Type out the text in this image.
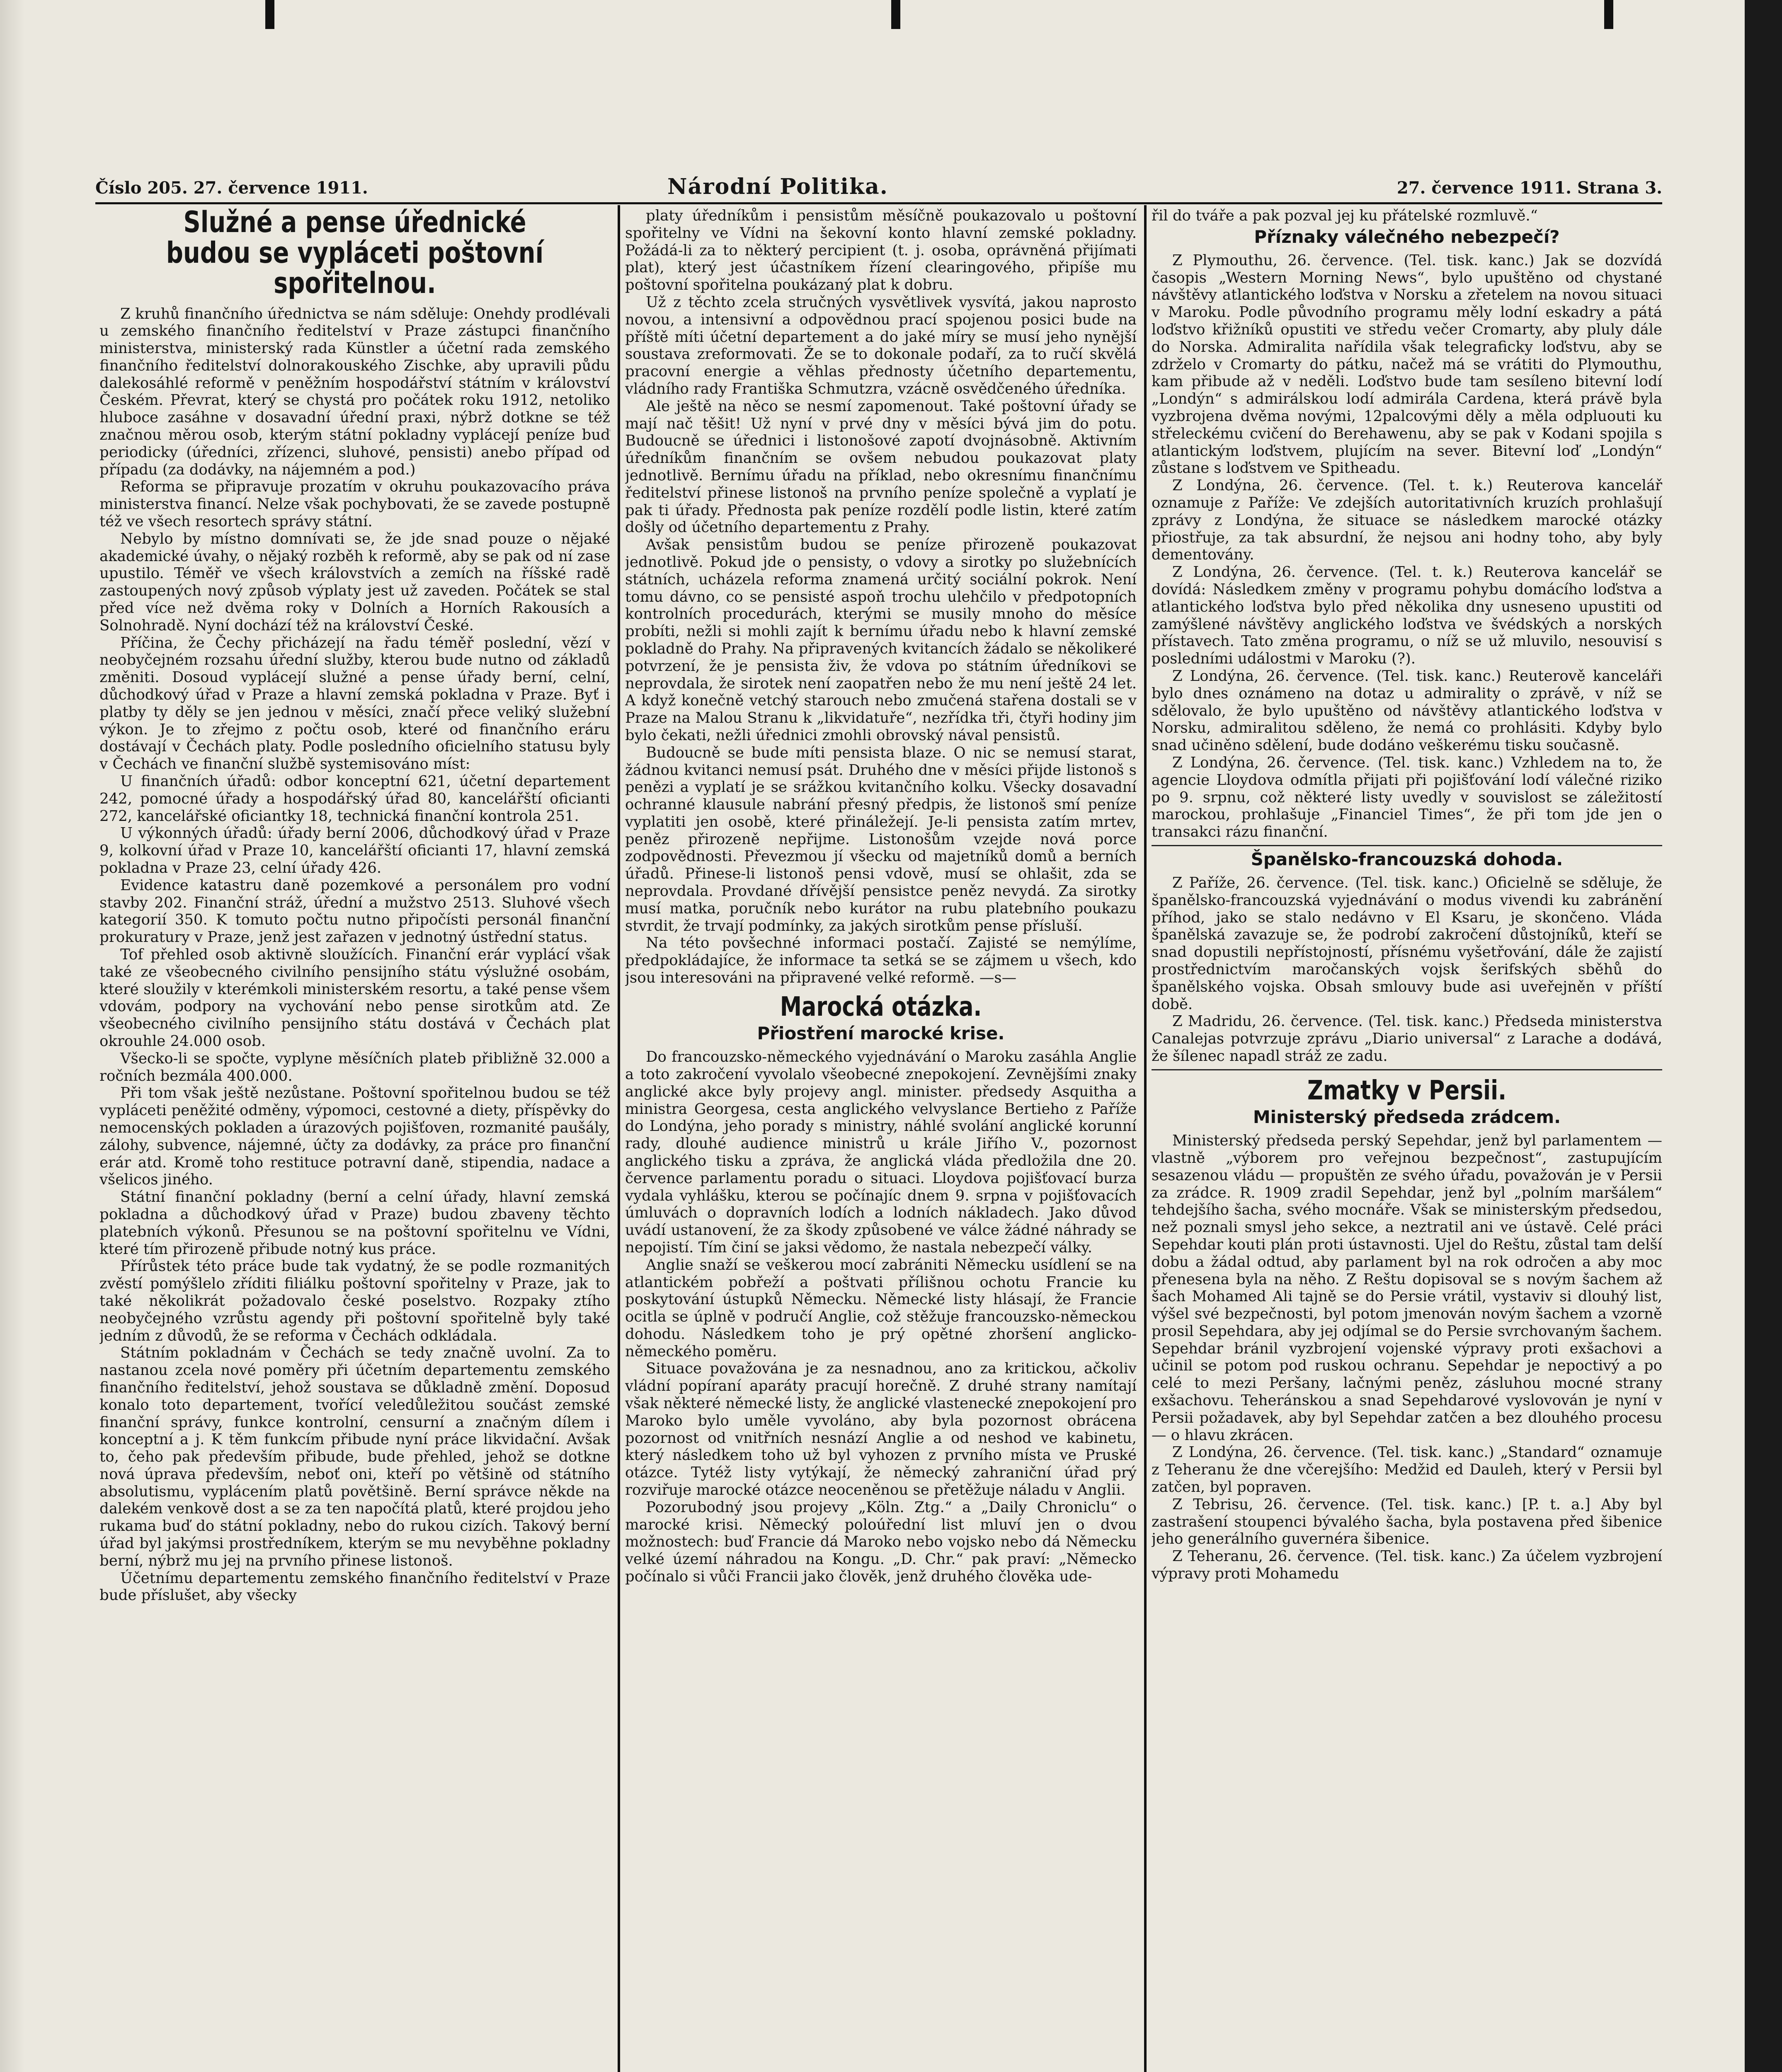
Číslo 205. 27. července 1911.	Národní Politika.	27. července 1911. Strana 3.
Služné a pense úřednické budou se vypláceti poštovní spořitelnou.

Z kruhů finančního úřednictva se nám sděluje: Onehdy prodlévali u zemského finančního ředitelství v Praze zástupci finančního ministerstva, ministerský rada Künstler a účetní rada zemského finančního ředitelství dolnorakouského Zischke, aby upravili půdu dalekosáhlé reformě v peněžním hospodářství státním v království Českém. Převrat, který se chystá pro počátek roku 1912, netoliko hluboce zasáhne v dosavadní úřední praxi, nýbrž dotkne se též značnou měrou osob, kterým státní pokladny vyplácejí peníze buď periodicky (úředníci, zřízenci, sluhové, pensisti) anebo případ od případu (za dodávky, na nájemném a pod.)

Reforma se připravuje prozatím v okruhu poukazovacího práva ministerstva financí. Nelze však pochybovati, že se zavede postupně též ve všech resortech správy státní.

Nebylo by místno domnívati se, že jde snad pouze o nějaké akademické úvahy, o nějaký rozběh k reformě, aby se pak od ní zase upustilo. Téměř ve všech královstvích a zemích na říšské radě zastoupených nový způsob výplaty jest už zaveden. Počátek se stal před více než dvěma roky v Dolních a Horních Rakousích a Solnohradě. Nyní dochází též na království České.

Příčina, že Čechy přicházejí na řadu téměř poslední, vězí v neobyčejném rozsahu úřední služby, kterou bude nutno od základů změniti. Dosoud vyplácejí služné a pense úřady berní, celní, důchodkový úřad v Praze a hlavní zemská pokladna v Praze. Byť i platby ty děly se jen jednou v měsíci, značí přece veliký služební výkon. Je to zřejmo z počtu osob, které od finančního eráru dostávají v Čechách platy. Podle posledního oficielního statusu byly v Čechách ve finanční službě systemisováno míst:

U finančních úřadů: odbor konceptní 621, účetní departement 242, pomocné úřady a hospodářský úřad 80, kancelářští oficianti 272, kancelářské oficiantky 18, technická finanční kontrola 251.

U výkonných úřadů: úřady berní 2006, důchodkový úřad v Praze 9, kolkovní úřad v Praze 10, kancelářští oficianti 17, hlavní zemská pokladna v Praze 23, celní úřady 426.

Evidence katastru daně pozemkové a personálem pro vodní stavby 202. Finanční stráž, úřední a mužstvo 2513. Sluhové všech kategorií 350. K tomuto počtu nutno připočísti personál finanční prokuratury v Praze, jenž jest zařazen v jednotný ústřední status.

Tof přehled osob aktivně sloužících. Finanční erár vyplácí však také ze všeobecného civilního pensijního státu výslužné osobám, které sloužily v kterémkoli ministerském resortu, a také pense všem vdovám, podpory na vychování nebo pense sirotkům atd. Ze všeobecného civilního pensijního státu dostává v Čechách plat okrouhle 24.000 osob.

Všecko-li se spočte, vyplyne měsíčních plateb přibližně 32.000 a ročních bezmála 400.000.

Při tom však ještě nezůstane. Poštovní spořitelnou budou se též vypláceti peněžité odměny, výpomoci, cestovné a diety, příspěvky do nemocenských pokladen a úrazových pojišťoven, rozmanité paušály, zálohy, subvence, nájemné, účty za dodávky, za práce pro finanční erár atd. Kromě toho restituce potravní daně, stipendia, nadace a všelicos jiného.

Státní finanční pokladny (berní a celní úřady, hlavní zemská pokladna a důchodkový úřad v Praze) budou zbaveny těchto platebních výkonů. Přesunou se na poštovní spořitelnu ve Vídni, které tím přirozeně přibude notný kus práce.

Přírůstek této práce bude tak vydatný, že se podle rozmanitých zvěstí pomýšlelo zříditi filiálku poštovní spořitelny v Praze, jak to také několikrát požadovalo české poselstvo. Rozpaky ztího neobyčejného vzrůstu agendy při poštovní spořitelně byly také jedním z důvodů, že se reforma v Čechách odkládala.

Státním pokladnám v Čechách se tedy značně uvolní. Za to nastanou zcela nové poměry při účetním departementu zemského finančního ředitelství, jehož soustava se důkladně změní. Doposud konalo toto departement, tvořící veledůležitou součást zemské finanční správy, funkce kontrolní, censurní a značným dílem i konceptní a j. K těm funkcím přibude nyní práce likvidační. Avšak to, čeho pak především přibude, bude přehled, jehož se dotkne nová úprava především, neboť oni, kteří po většině od státního absolutismu, vyplácením platů povětšině. Berní správce někde na dalekém venkově dost a se za ten napočítá platů, které projdou jeho rukama buď do státní pokladny, nebo do rukou cizích. Takový berní úřad byl jakýmsi prostředníkem, kterým se mu nevyběhne pokladny berní, nýbrž mu jej na prvního přinese listonoš.

Účetnímu departementu zemského finančního ředitelství v Praze bude příslušet, aby všecky

platy úředníkům i pensistům měsíčně poukazovalo u poštovní spořitelny ve Vídni na šekovní konto hlavní zemské pokladny. Požádá-li za to některý percipient (t. j. osoba, oprávněná přijímati plat), který jest účastníkem řízení clearingového, připíše mu poštovní spořitelna poukázaný plat k dobru.

Už z těchto zcela stručných vysvětlivek vysvítá, jakou naprosto novou, a intensivní a odpovědnou prací spojenou posici bude na příště míti účetní departement a do jaké míry se musí jeho nynější soustava zreformovati. Že se to dokonale podaří, za to ručí skvělá pracovní energie a věhlas přednosty účetního departementu, vládního rady Františka Schmutzra, vzácně osvědčeného úředníka.

Ale ještě na něco se nesmí zapomenout. Také poštovní úřady se mají nač těšit! Už nyní v prvé dny v měsíci bývá jim do potu. Budoucně se úřednici i listonošové zapotí dvojnásobně. Aktivním úředníkům finančním se ovšem nebudou poukazovat platy jednotlivě. Bernímu úřadu na příklad, nebo okresnímu finančnímu ředitelství přinese listonoš na prvního peníze společně a vyplatí je pak ti úřady. Přednosta pak peníze rozdělí podle listin, které zatím došly od účetního departementu z Prahy.

Avšak pensistům budou se peníze přirozeně poukazovat jednotlivě. Pokud jde o pensisty, o vdovy a sirotky po služebnících státních, ucházela reforma znamená určitý sociální pokrok. Není tomu dávno, co se pensisté aspoň trochu ulehčilo v předpotopních kontrolních procedurách, kterými se musily mnoho do měsíce probíti, nežli si mohli zajít k bernímu úřadu nebo k hlavní zemské pokladně do Prahy. Na připravených kvitancích žádalo se několikeré potvrzení, že je pensista živ, že vdova po státním úředníkovi se neprovdala, že sirotek není zaopatřen nebo že mu není ještě 24 let. A když konečně vetchý starouch nebo zmučená stařena dostali se v Praze na Malou Stranu k „likvidatuře“, nezřídka tři, čtyři hodiny jim bylo čekati, nežli úřednici zmohli obrovský nával pensistů.

Budoucně se bude míti pensista blaze. O nic se nemusí starat, žádnou kvitanci nemusí psát. Druhého dne v měsíci přijde listonoš s penězi a vyplatí je se srážkou kvitančního kolku. Všecky dosavadní ochranné klausule nabrání přesný předpis, že listonoš smí peníze vyplatiti jen osobě, které přináležejí. Je-li pensista zatím mrtev, peněz přirozeně nepřijme. Listonošům vzejde nová porce zodpovědnosti. Převezmou jí všecku od majetníků domů a berních úřadů. Přinese-li listonoš pensi vdově, musí se ohlašit, zda se neprovdala. Provdané dřívější pensistce peněz nevydá. Za sirotky musí matka, poručník nebo kurátor na rubu platebního poukazu stvrdit, že trvají podmínky, za jakých sirotkům pense přísluší.

Na této povšechné informaci postačí. Zajisté se nemýlíme, předpokládajíce, že informace ta setká se se zájmem u všech, kdo jsou interesováni na připravené velké reformě. —s—

Marocká otázka.
Přiostření marocké krise.

Do francouzsko-německého vyjednávání o Maroku zasáhla Anglie a toto zakročení vyvolalo všeobecné znepokojení. Zevnějšími znaky anglické akce byly projevy angl. minister. předsedy Asquitha a ministra Georgesa, cesta anglického velvyslance Bertieho z Paříže do Londýna, jeho porady s ministry, náhlé svolání anglické korunní rady, dlouhé audience ministrů u krále Jiřího V., pozornost anglického tisku a zpráva, že anglická vláda předložila dne 20. července parlamentu poradu o situaci. Lloydova pojišťovací burza vydala vyhlášku, kterou se počínajíc dnem 9. srpna v pojišťovacích úmluvách o dopravních lodích a lodních nákladech. Jako důvod uvádí ustanovení, že za škody způsobené ve válce žádné náhrady se nepojistí. Tím činí se jaksi vědomo, že nastala nebezpečí války.

Anglie snaží se veškerou mocí zabrániti Německu usídlení se na atlantickém pobřeží a poštvati přílišnou ochotu Francie ku poskytování ústupků Německu. Německé listy hlásají, že Francie ocitla se úplně v područí Anglie, což stěžuje francouzsko-německou dohodu. Následkem toho je prý opětné zhoršení anglicko-německého poměru.

Situace považována je za nesnadnou, ano za kritickou, ačkoliv vládní popíraní aparáty pracují horečně. Z druhé strany namítají však některé německé listy, že anglické vlastenecké znepokojení pro Maroko bylo uměle vyvoláno, aby byla pozornost obrácena pozornost od vnitřních nesnází Anglie a od neshod ve kabinetu, který následkem toho už byl vyhozen z prvního místa ve Pruské otázce. Tytéž listy vytýkají, že německý zahraniční úřad prý rozviřuje marocké otázce neoceněnou se přetěžuje náladu v Anglii.

Pozorubodný jsou projevy „Köln. Ztg.“ a „Daily Chroniclu“ o marocké krisi. Německý poloúřední list mluví jen o dvou možnostech: buď Francie dá Maroko nebo vojsko nebo dá Německu velké území náhradou na Kongu. „D. Chr.“ pak praví: „Německo počínalo si vůči Francii jako člověk, jenž druhého člověka ude-

řil do tváře a pak pozval jej ku přátelské rozmluvě.“

Příznaky válečného nebezpečí?

Z Plymouthu, 26. července. (Tel. tisk. kanc.) Jak se dozvídá časopis „Western Morning News“, bylo upuštěno od chystané návštěvy atlantického loďstva v Norsku a zřetelem na novou situaci v Maroku. Podle původního programu měly lodní eskadry a pátá loďstvo křižníků opustiti ve středu večer Cromarty, aby pluly dále do Norska. Admiralita nařídila však telegraficky loďstvu, aby se zdrželo v Cromarty do pátku, načež má se vrátiti do Plymouthu, kam přibude až v neděli. Loďstvo bude tam sesíleno bitevní lodí „Londýn“ s admirálskou lodí admirála Cardena, která právě byla vyzbrojena dvěma novými, 12palcovými děly a měla odpluouti ku střeleckému cvičení do Berehawenu, aby se pak v Kodani spojila s atlantickým loďstvem, plujícím na sever. Bitevní loď „Londýn“ zůstane s loďstvem ve Spitheadu.

Z Londýna, 26. července. (Tel. t. k.) Reuterova kancelář oznamuje z Paříže: Ve zdejších autoritativních kruzích prohlašují zprávy z Londýna, že situace se následkem marocké otázky přiostřuje, za tak absurdní, že nejsou ani hodny toho, aby byly dementovány.

Z Londýna, 26. července. (Tel. t. k.) Reuterova kancelář se dovídá: Následkem změny v programu pohybu domácího loďstva a atlantického loďstva bylo před několika dny usneseno upustiti od zamýšlené návštěvy anglického loďstva ve švédských a norských přístavech. Tato změna programu, o níž se už mluvilo, nesouvisí s posledními událostmi v Maroku (?).

Z Londýna, 26. července. (Tel. tisk. kanc.) Reuterově kanceláři bylo dnes oznámeno na dotaz u admirality o zprávě, v níž se sdělovalo, že bylo upuštěno od návštěvy atlantického loďstva v Norsku, admiralitou sděleno, že nemá co prohlásiti. Kdyby bylo snad učiněno sdělení, bude dodáno veškerému tisku současně.

Z Londýna, 26. července. (Tel. tisk. kanc.) Vzhledem na to, že agencie Lloydova odmítla přijati při pojišťování lodí válečné riziko po 9. srpnu, což některé listy uvedly v souvislost se záležitostí marockou, prohlašuje „Financiel Times“, že při tom jde jen o transakci rázu finanční.

Španělsko-francouzská dohoda.

Z Paříže, 26. července. (Tel. tisk. kanc.) Oficielně se sděluje, že španělsko-francouzská vyjednávání o modus vivendi ku zabránění příhod, jako se stalo nedávno v El Ksaru, je skončeno. Vláda španělská zavazuje se, že podrobí zakročení důstojníků, kteří se snad dopustili nepřístojností, přísnému vyšetřování, dále že zajistí prostřednictvím maročanských vojsk šerifských sběhů do španělského vojska. Obsah smlouvy bude asi uveřejněn v příští době.

Z Madridu, 26. července. (Tel. tisk. kanc.) Předseda ministerstva Canalejas potvrzuje zprávu „Diario universal“ z Larache a dodává, že šílenec napadl stráž ze zadu.

Zmatky v Persii.
Ministerský předseda zrádcem.

Ministerský předseda perský Sepehdar, jenž byl parlamentem — vlastně „výborem pro veřejnou bezpečnost“, zastupujícím sesazenou vládu — propuštěn ze svého úřadu, považován je v Persii za zrádce. R. 1909 zradil Sepehdar, jenž byl „polním maršálem“ tehdejšího šacha, svého mocnáře. Však se ministerským předsedou, než poznali smysl jeho sekce, a neztratil ani ve ústavě. Celé práci Sepehdar kouti plán proti ústavnosti. Ujel do Reštu, zůstal tam delší dobu a žádal odtud, aby parlament byl na rok odročen a aby moc přenesena byla na něho. Z Reštu dopisoval se s novým šachem až šach Mohamed Ali tajně se do Persie vrátil, vystaviv si dlouhý list, výšel své bezpečnosti, byl potom jmenován novým šachem a vzorně prosil Sepehdara, aby jej odjímal se do Persie svrchovaným šachem. Sepehdar bránil vyzbrojení vojenské výpravy proti exšachovi a učinil se potom pod ruskou ochranu. Sepehdar je nepoctivý a po celé to mezi Peršany, lačnými peněz, zásluhou mocné strany exšachovu. Teheránskou a snad Sepehdarové vyslovován je nyní v Persii požadavek, aby byl Sepehdar zatčen a bez dlouhého procesu — o hlavu zkrácen.

Z Londýna, 26. července. (Tel. tisk. kanc.) „Standard“ oznamuje z Teheranu že dne včerejšího: Medžid ed Dauleh, který v Persii byl zatčen, byl popraven.

Z Tebrisu, 26. července. (Tel. tisk. kanc.) [P. t. a.] Aby byl zastrašení stoupenci bývalého šacha, byla postavena před šibenice jeho generálního guvernéra šibenice.

Z Teheranu, 26. července. (Tel. tisk. kanc.) Za účelem vyzbrojení výpravy proti Mohamedu
